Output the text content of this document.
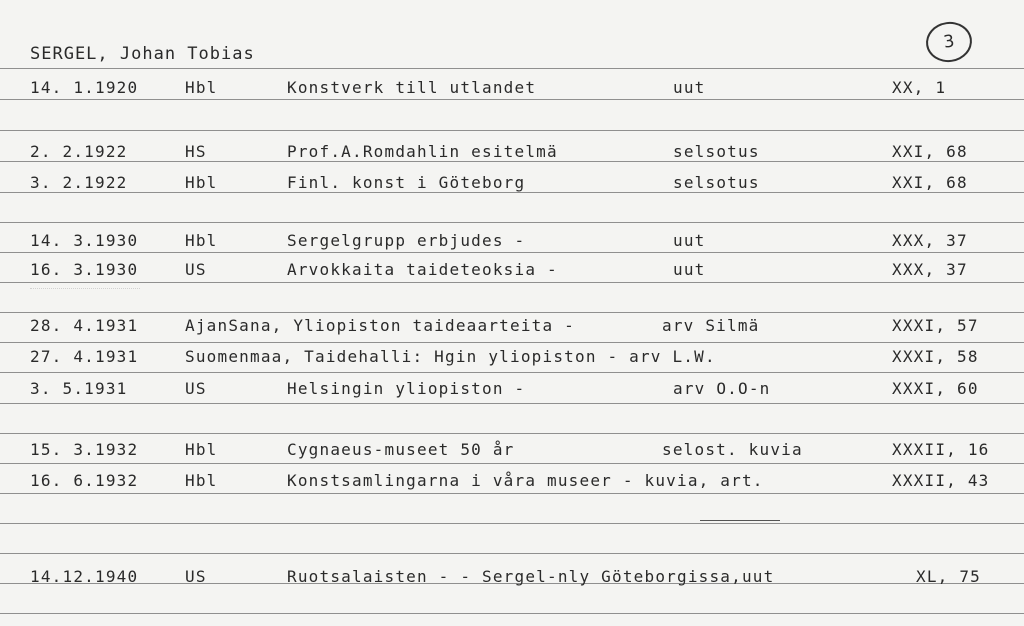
SERGEL, Johan Tobias
3
14. 1.1920	Hbl	Konstverk till utlandet	uut	XX, 1
2. 2.1922	HS	Prof.A.Romdahlin esitelmä	selsotus	XXI, 68
3. 2.1922	Hbl	Finl. konst i Göteborg	selsotus	XXI, 68
14. 3.1930	Hbl	Sergelgrupp erbjudes -	uut	XXX, 37
16. 3.1930	US	Arvokkaita taideteoksia -	uut	XXX, 37
28. 4.1931	AjanSana, Yliopiston taideaarteita -	arv Silmä	XXXI, 57
27. 4.1931	Suomenmaa, Taidehalli: Hgin yliopiston - arv L.W.	XXXI, 58
3. 5.1931	US	Helsingin yliopiston -	arv O.O-n	XXXI, 60
15. 3.1932	Hbl	Cygnaeus-museet 50 år	selost. kuvia	XXXII, 16
16. 6.1932	Hbl	Konstsamlingarna i våra museer - kuvia, art.	XXXII, 43
14.12.1940	US	Ruotsalaisten - - Sergel-nly Göteborgissa,uut	XL, 75
